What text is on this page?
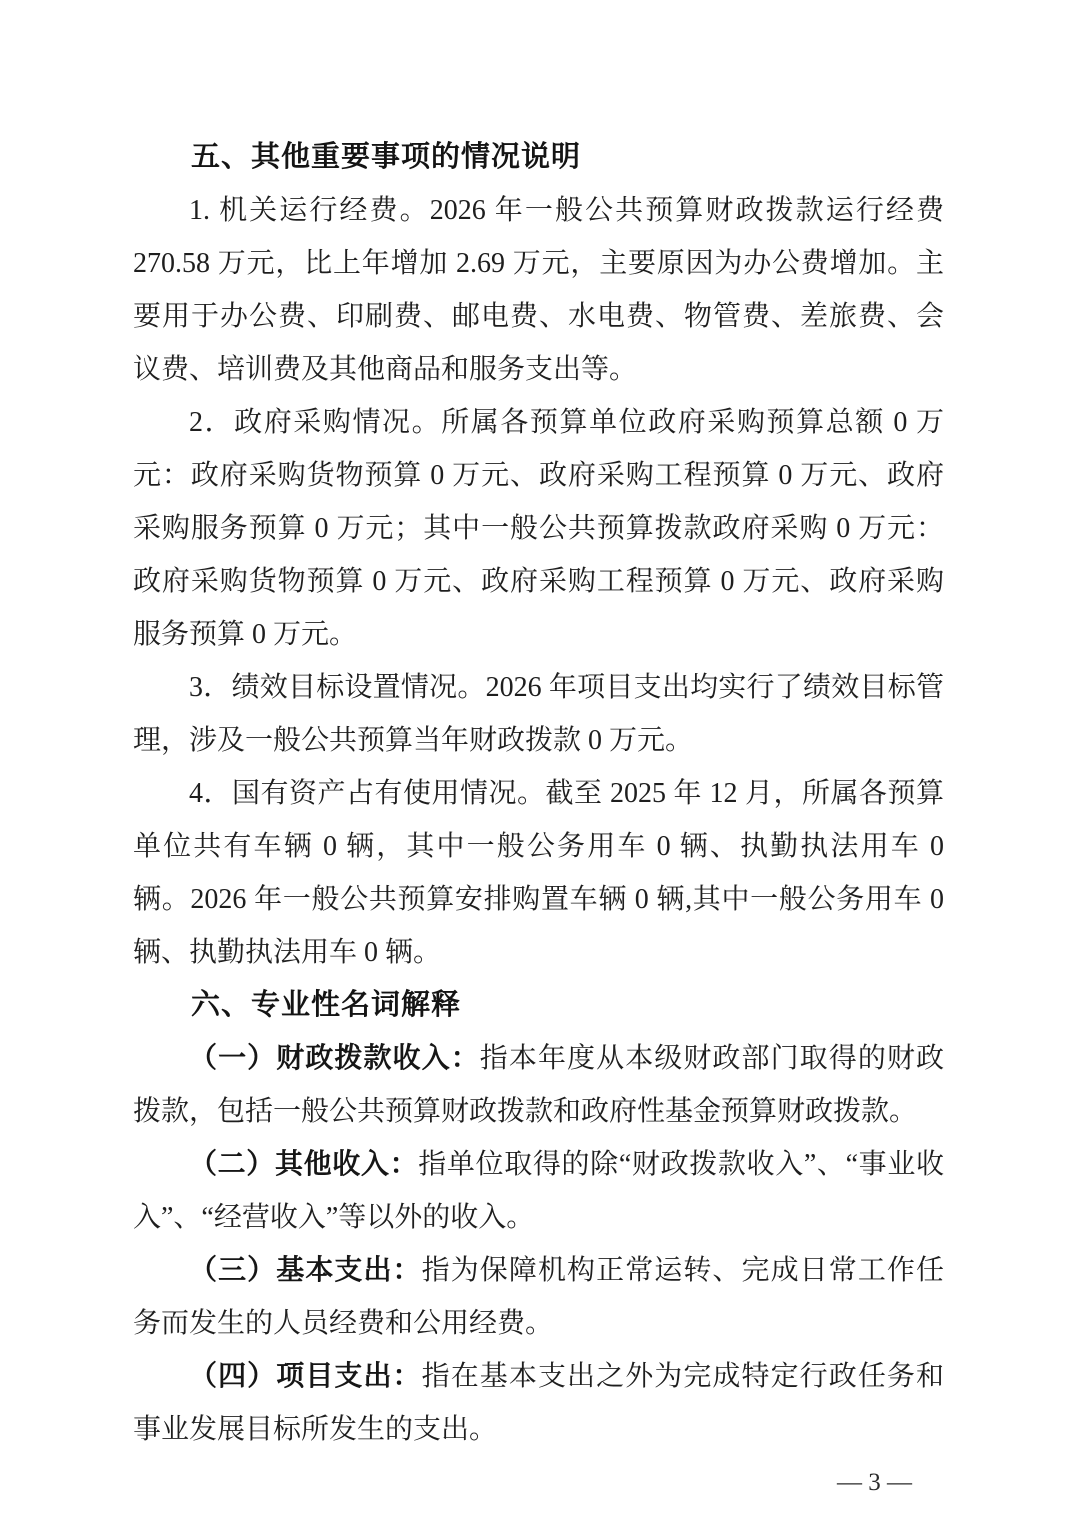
五、其他重要事项的情况说明

1. 机关运行经费。2026 年一般公共预算财政拨款运行经费 270.58 万元，比上年增加 2.69 万元，主要原因为办公费增加。主要用于办公费、印刷费、邮电费、水电费、物管费、差旅费、会议费、培训费及其他商品和服务支出等。

2．政府采购情况。所属各预算单位政府采购预算总额 0 万元：政府采购货物预算 0 万元、政府采购工程预算 0 万元、政府采购服务预算 0 万元；其中一般公共预算拨款政府采购 0 万元：政府采购货物预算 0 万元、政府采购工程预算 0 万元、政府采购服务预算 0 万元。

3．绩效目标设置情况。2026 年项目支出均实行了绩效目标管理，涉及一般公共预算当年财政拨款 0 万元。

4．国有资产占有使用情况。截至 2025 年 12 月，所属各预算单位共有车辆 0 辆，其中一般公务用车 0 辆、执勤执法用车 0 辆。2026 年一般公共预算安排购置车辆 0 辆,其中一般公务用车 0 辆、执勤执法用车 0 辆。

六、专业性名词解释

（一）财政拨款收入：指本年度从本级财政部门取得的财政拨款，包括一般公共预算财政拨款和政府性基金预算财政拨款。

（二）其他收入：指单位取得的除“财政拨款收入”、“事业收入”、“经营收入”等以外的收入。

（三）基本支出：指为保障机构正常运转、完成日常工作任务而发生的人员经费和公用经费。

（四）项目支出：指在基本支出之外为完成特定行政任务和事业发展目标所发生的支出。

— 3 —
